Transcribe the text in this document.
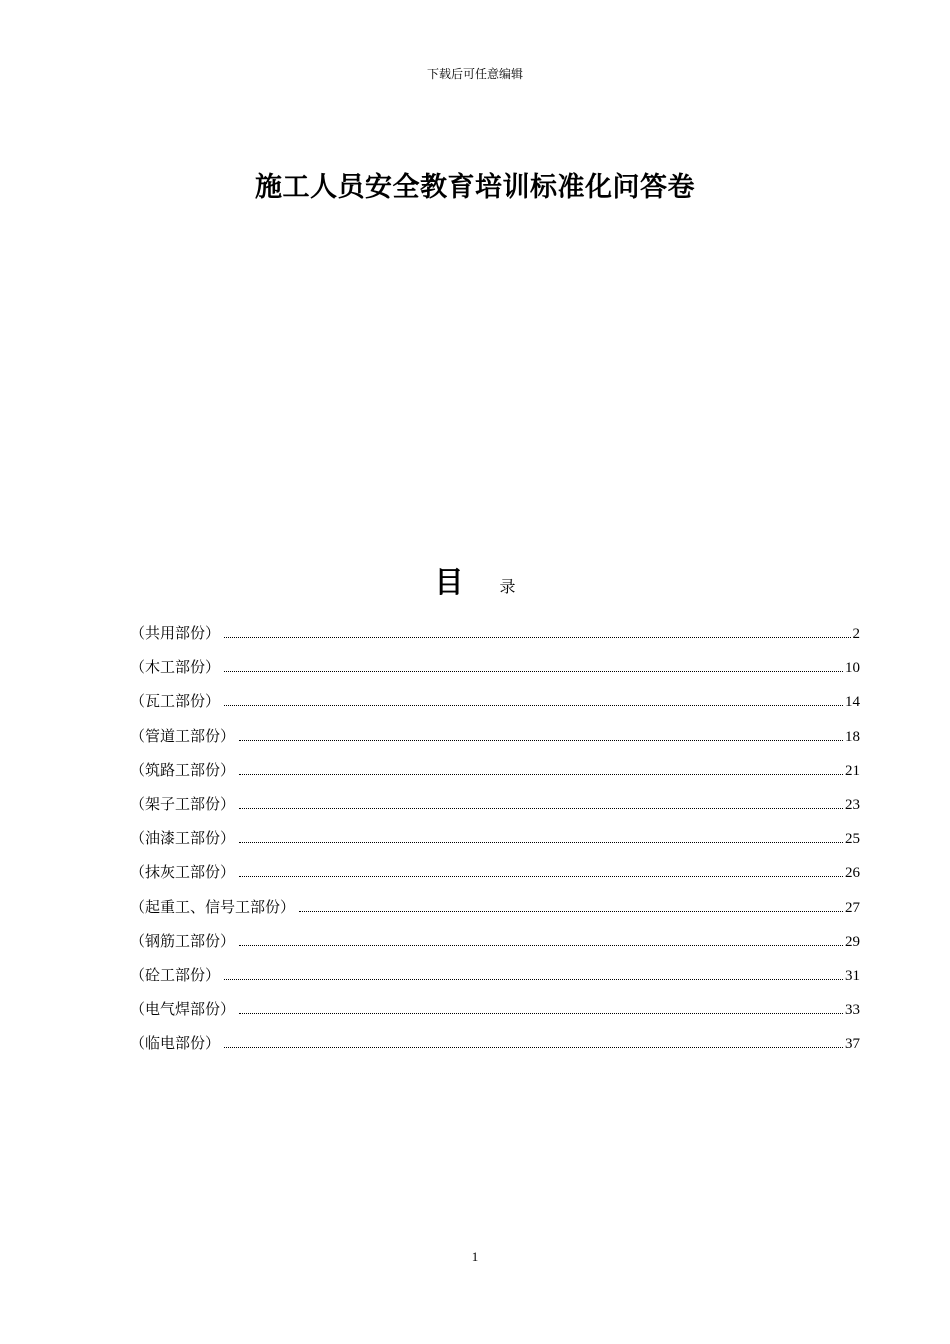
下载后可任意编辑
施工人员安全教育培训标准化问答卷
目 录
（共用部份）	2
（木工部份）	10
（瓦工部份）	14
（管道工部份）	18
（筑路工部份）	21
（架子工部份）	23
（油漆工部份）	25
（抹灰工部份）	26
（起重工、信号工部份）	27
（钢筋工部份）	29
（砼工部份）	31
（电气焊部份）	33
（临电部份）	37
1
